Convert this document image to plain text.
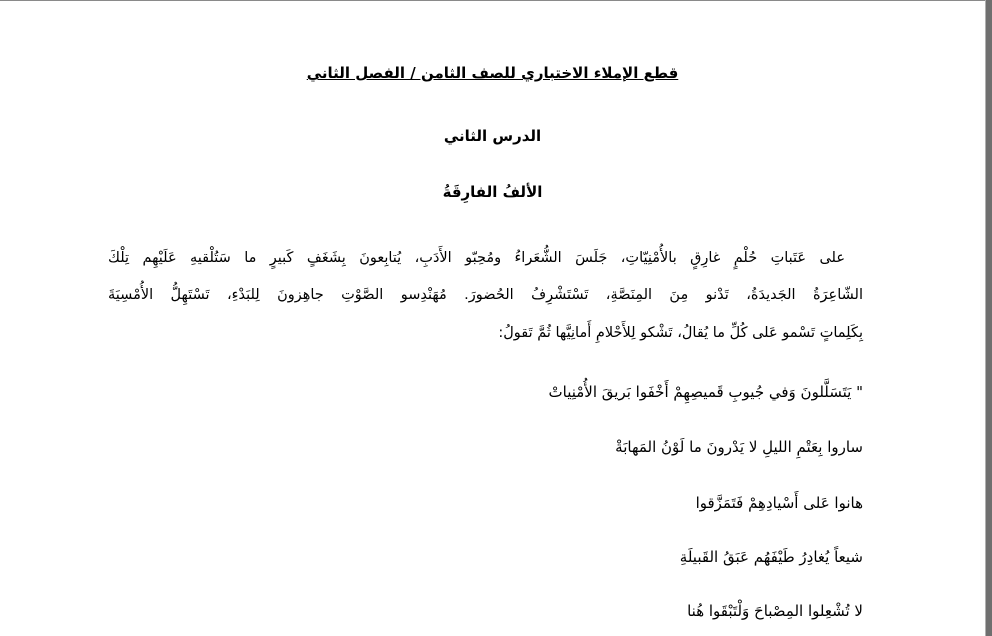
قطع الإملاء الاختباري للصف الثامن / الفصل الثاني
الدرس الثاني
الألفُ الفارِقَةُ
على عَتَباتِ حُلْمٍ غارِقٍ بالأُمْنِيّاتِ، جَلَسَ الشُّعَراءُ ومُحِبّو الأَدَبِ، يُتابِعونَ بِشَغَفٍ كَبيرٍ ما سَتُلْقيهِ عَلَيْهِم تِلْكَ
الشّاعِرَةُ الجَديدَةُ، تَدْنو مِنَ المِنَصَّةِ، تَسْتَشْرِفُ الحُضورَ. مُهَنْدِسو الصَّوْتِ جاهِزونَ لِلبَدْءِ، تَسْتَهِلُّ الأُمْسِيَةَ
بِكَلِماتٍ تَسْمو عَلى كُلِّ ما يُقالُ، تَشْكو لِلأَحْلامِ أَمانِيَّها ثُمَّ تَقولُ:
" يَتَسَلَّلونَ وَفي جُيوبِ قَميصِهِمْ أَخْفَوا بَريقَ الأُمْنِياتْ
ساروا بِعَتْمِ الليلِ لا يَدْرونَ ما لَوْنُ المَهابَةْ
هانوا عَلى أَسْيادِهِمْ فَتَمَزَّقوا
شيعاً يُغادِرُ طَيْفَهُم عَبَقُ القَبيلَةِ
لا تُشْعِلوا المِصْباحَ وَلْتَبْقَوا هُنا
